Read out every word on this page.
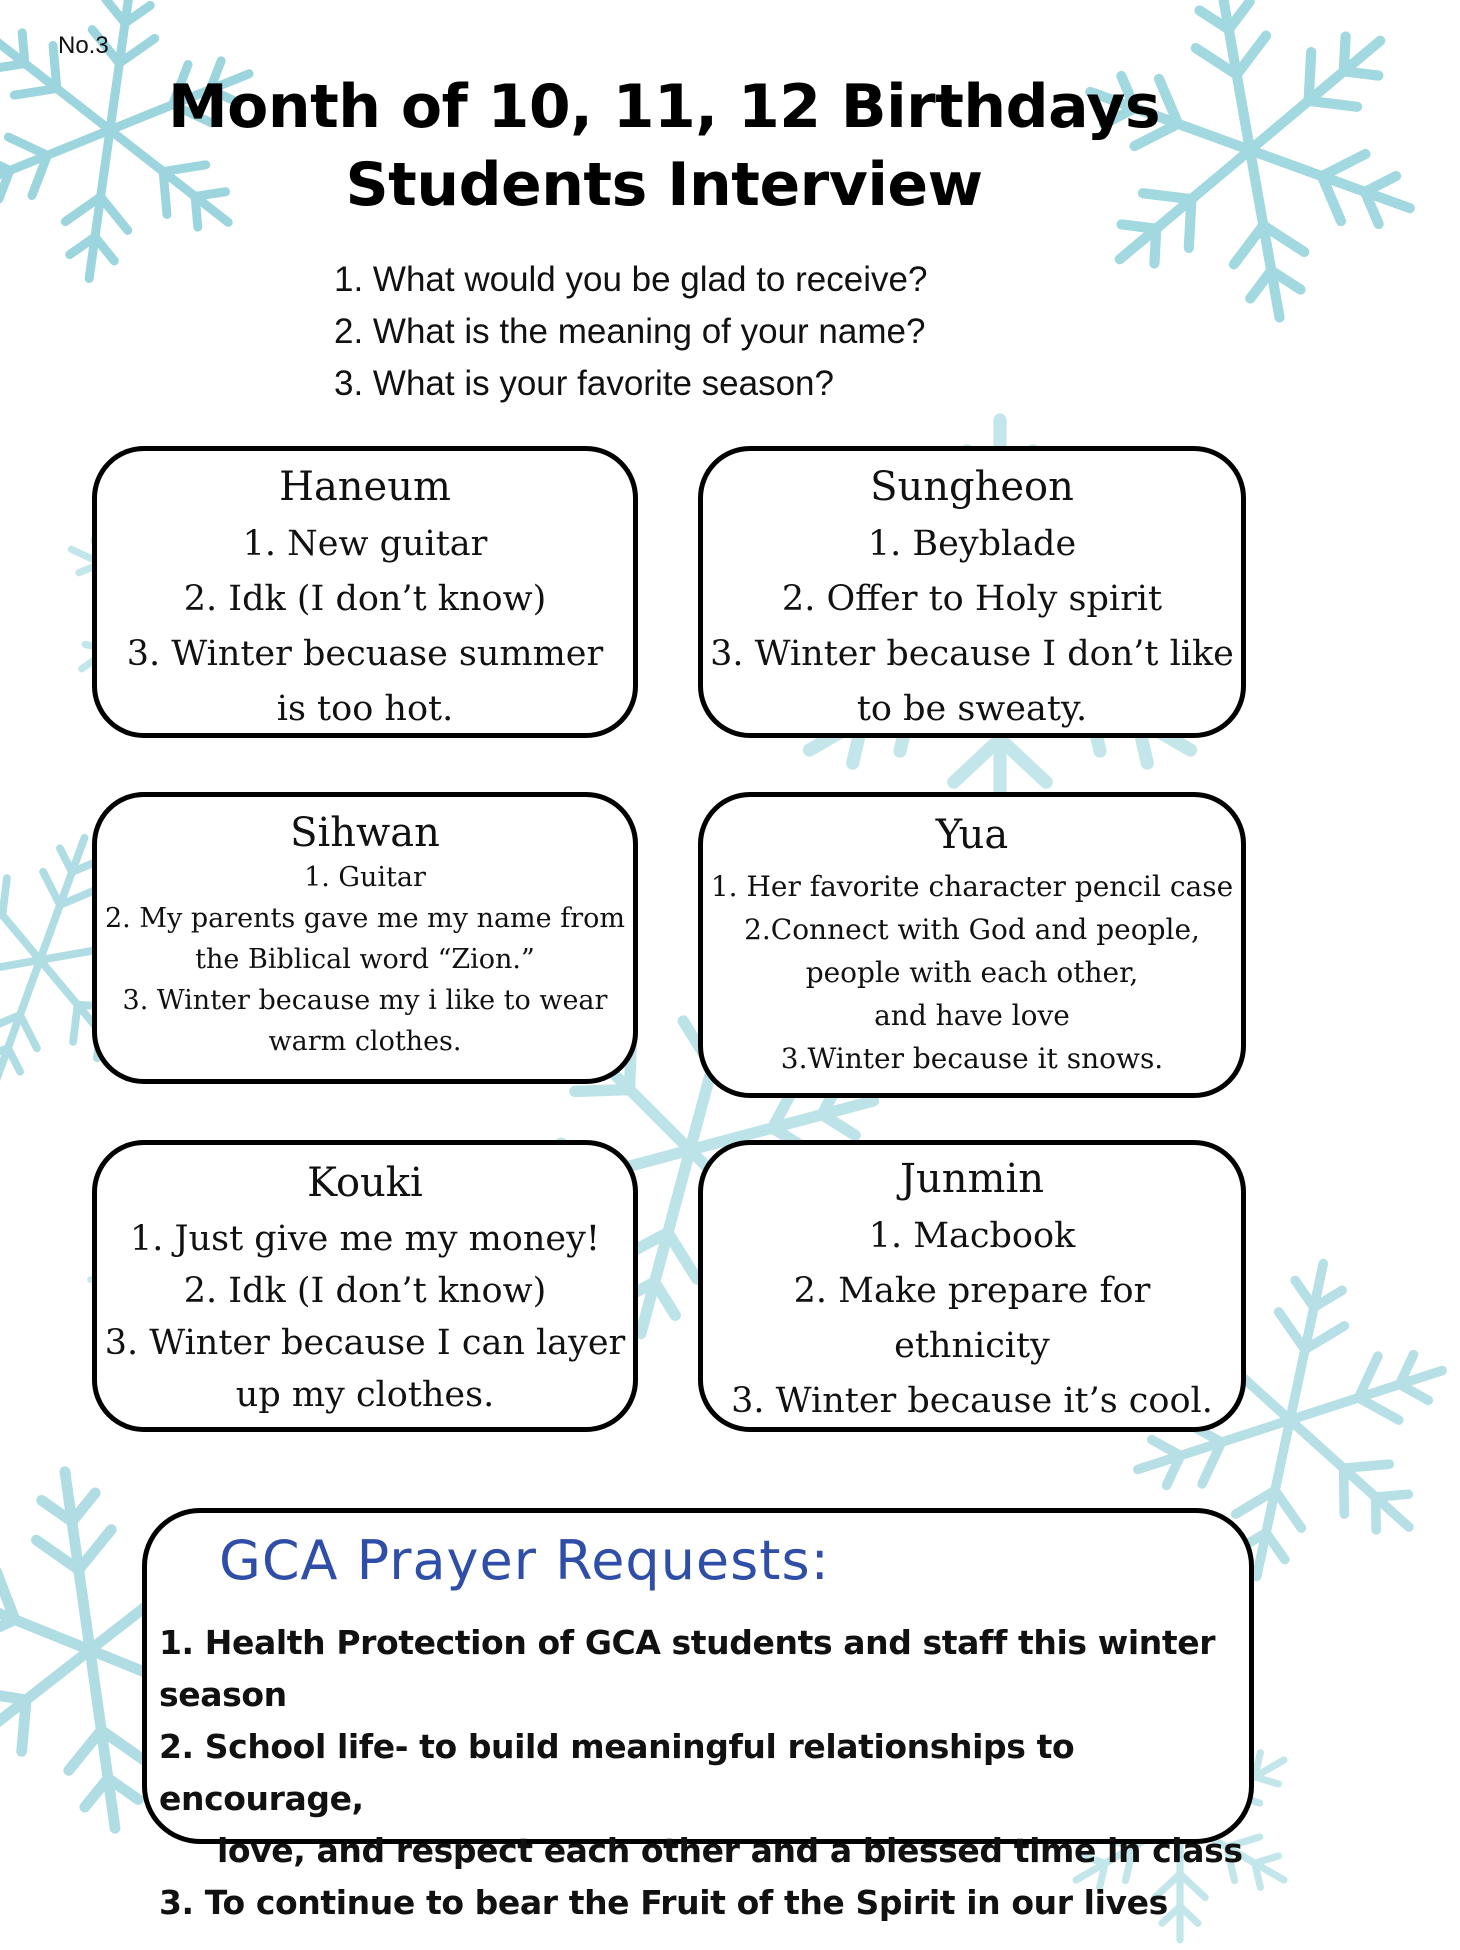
No.3
Month of 10, 11, 12 Birthdays
Students Interview
1. What would you be glad to receive?
2. What is the meaning of your name?
3. What is your favorite season?
Haneum
1. New guitar
2. Idk (I don’t know)
3. Winter becuase summer
is too hot.
Sungheon
1. Beyblade
2. Offer to Holy spirit
3. Winter because I don’t like
to be sweaty.
Sihwan
1. Guitar
2. My parents gave me my name from
the Biblical word “Zion.”
3. Winter because my i like to wear
warm clothes.
Yua
1. Her favorite character pencil case
2.Connect with God and people,
people with each other,
and have love
3.Winter because it snows.
Kouki
1. Just give me my money!
2. Idk (I don’t know)
3. Winter because I can layer
up my clothes.
Junmin
1. Macbook
2. Make prepare for
ethnicity
3. Winter because it’s cool.
GCA Prayer Requests:
1. Health Protection of GCA students and staff this winter season
2. School life- to build meaningful relationships to encourage,
love, and respect each other and a blessed time in class
3. To continue to bear the Fruit of the Spirit in our lives
